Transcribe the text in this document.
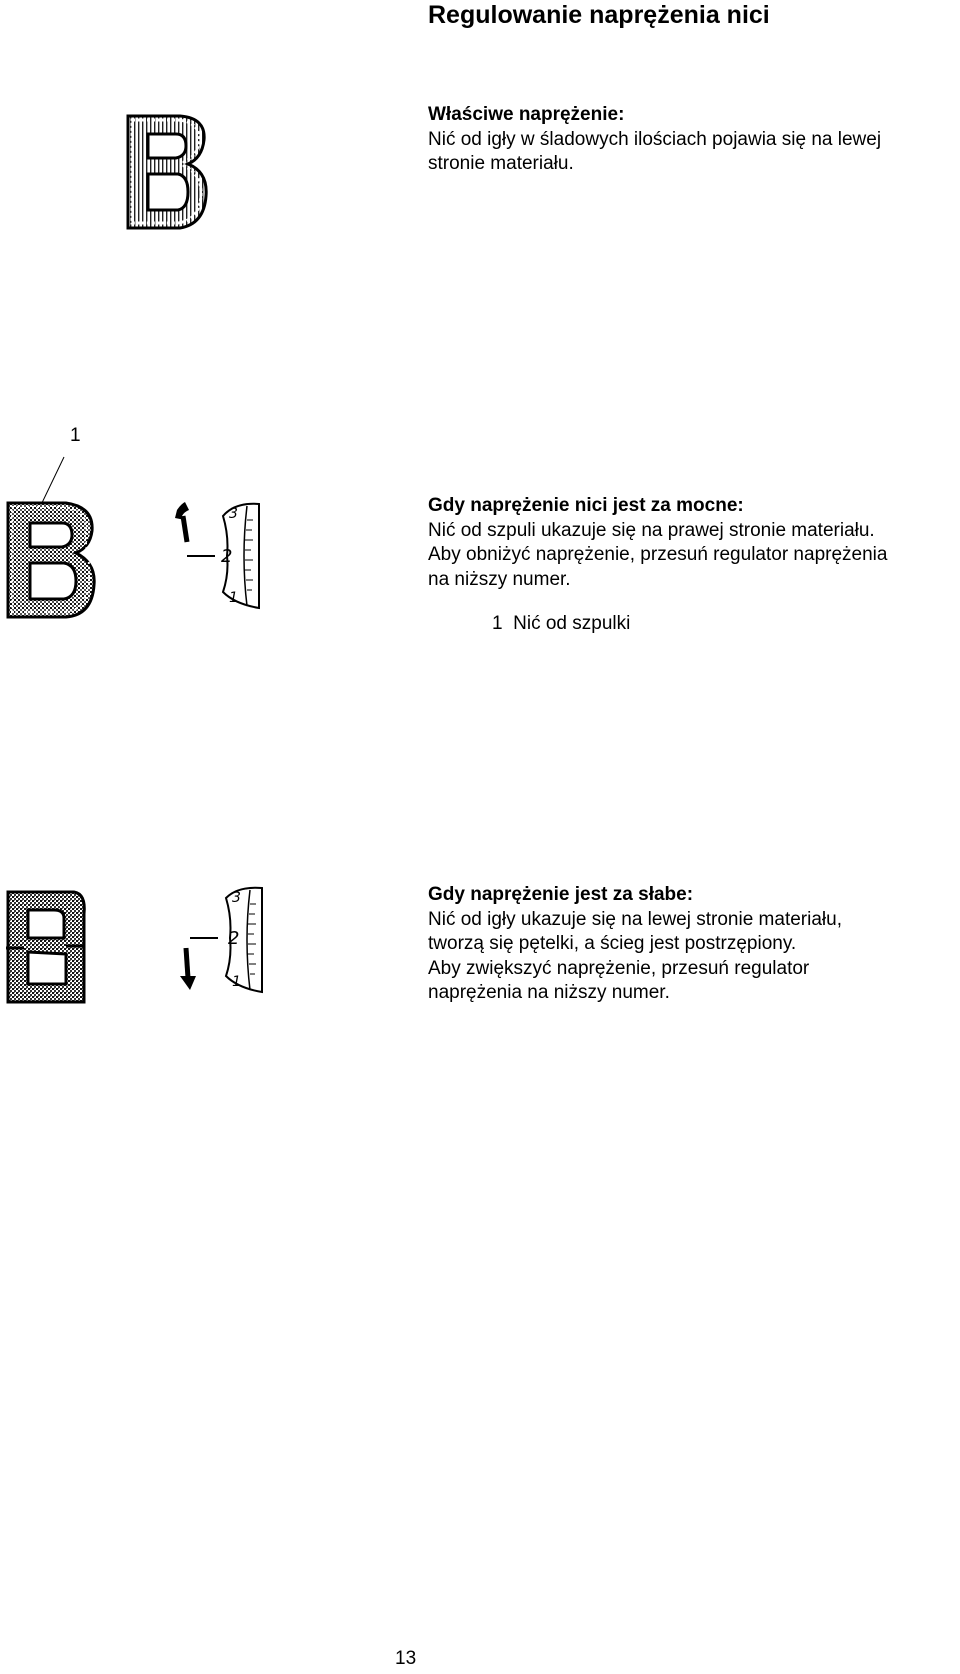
Regulowanie naprężenia nici

Właściwe naprężenie:

Nić od igły w śladowych ilościach pojawia się na lewej

stronie materiału.

1
3
2
1

Gdy naprężenie nici jest za mocne:

Nić od szpuli ukazuje się na prawej stronie materiału.

Aby obniżyć naprężenie, przesuń regulator naprężenia

na niższy numer.

1  Nić od szpulki
3
2
1

Gdy naprężenie jest za słabe:

Nić od igły ukazuje się na lewej stronie materiału,

tworzą się pętelki, a ścieg jest postrzępiony.

Aby zwiększyć naprężenie, przesuń regulator

naprężenia na niższy numer.

13
